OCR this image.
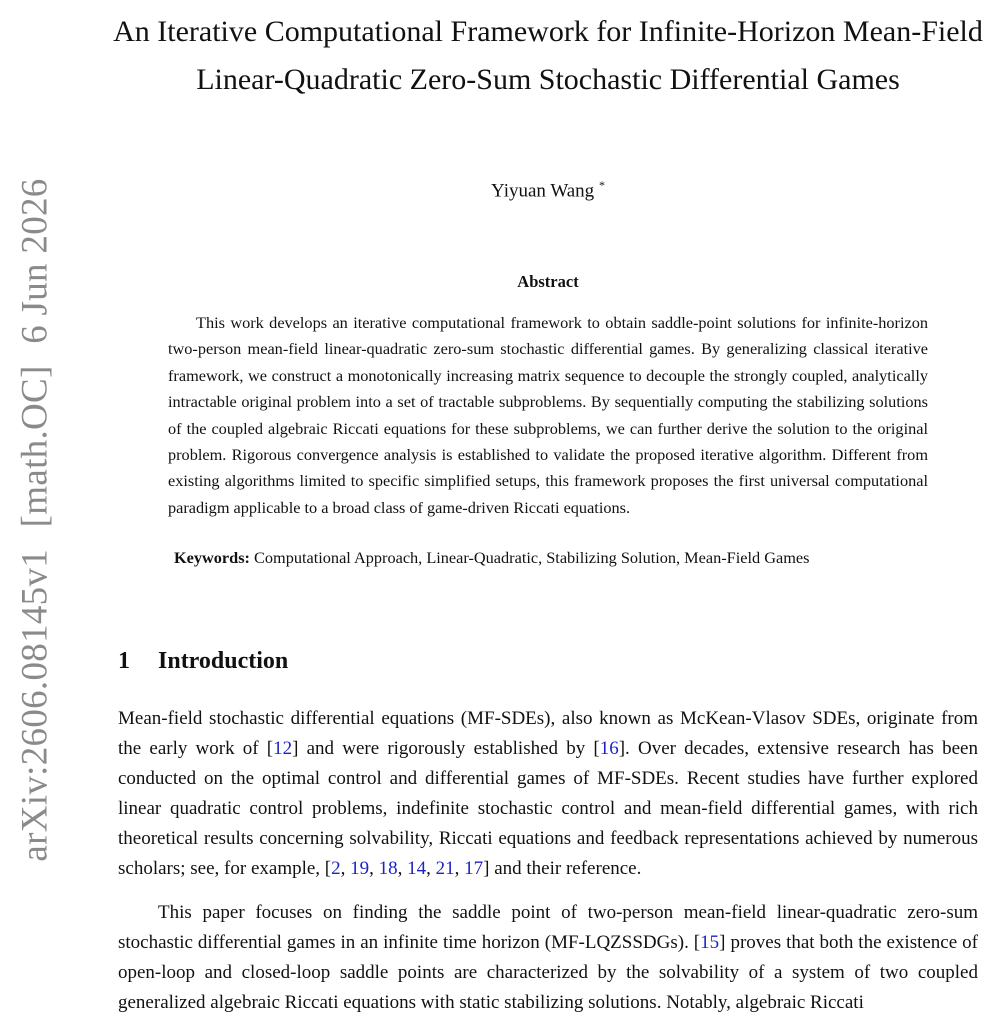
arXiv:2606.08145v1 [math.OC] 6 Jun 2026
An Iterative Computational Framework for Infinite-Horizon Mean-Field Linear-Quadratic Zero-Sum Stochastic Differential Games
Yiyuan Wang *
Abstract
This work develops an iterative computational framework to obtain saddle-point solutions for infinite-horizon two-person mean-field linear-quadratic zero-sum stochastic differential games. By generalizing classical iterative framework, we construct a monotonically increasing matrix sequence to decouple the strongly coupled, analytically intractable original problem into a set of tractable subproblems. By sequentially computing the stabilizing solutions of the coupled algebraic Riccati equations for these subproblems, we can further derive the solution to the original problem. Rigorous convergence analysis is established to validate the proposed iterative algorithm. Different from existing algorithms limited to specific simplified setups, this framework proposes the first universal computational paradigm applicable to a broad class of game-driven Riccati equations.
Keywords: Computational Approach, Linear-Quadratic, Stabilizing Solution, Mean-Field Games
1 Introduction
Mean-field stochastic differential equations (MF-SDEs), also known as McKean-Vlasov SDEs, originate from the early work of [12] and were rigorously established by [16]. Over decades, extensive research has been conducted on the optimal control and differential games of MF-SDEs. Recent studies have further explored linear quadratic control problems, indefinite stochastic control and mean-field differential games, with rich theoretical results concerning solvability, Riccati equations and feedback representations achieved by numerous scholars; see, for example, [2, 19, 18, 14, 21, 17] and their reference.
This paper focuses on finding the saddle point of two-person mean-field linear-quadratic zero-sum stochastic differential games in an infinite time horizon (MF-LQZSSDGs). [15] proves that both the existence of open-loop and closed-loop saddle points are characterized by the solvability of a system of two coupled generalized algebraic Riccati equations with static stabilizing solutions. Notably, algebraic Riccati
